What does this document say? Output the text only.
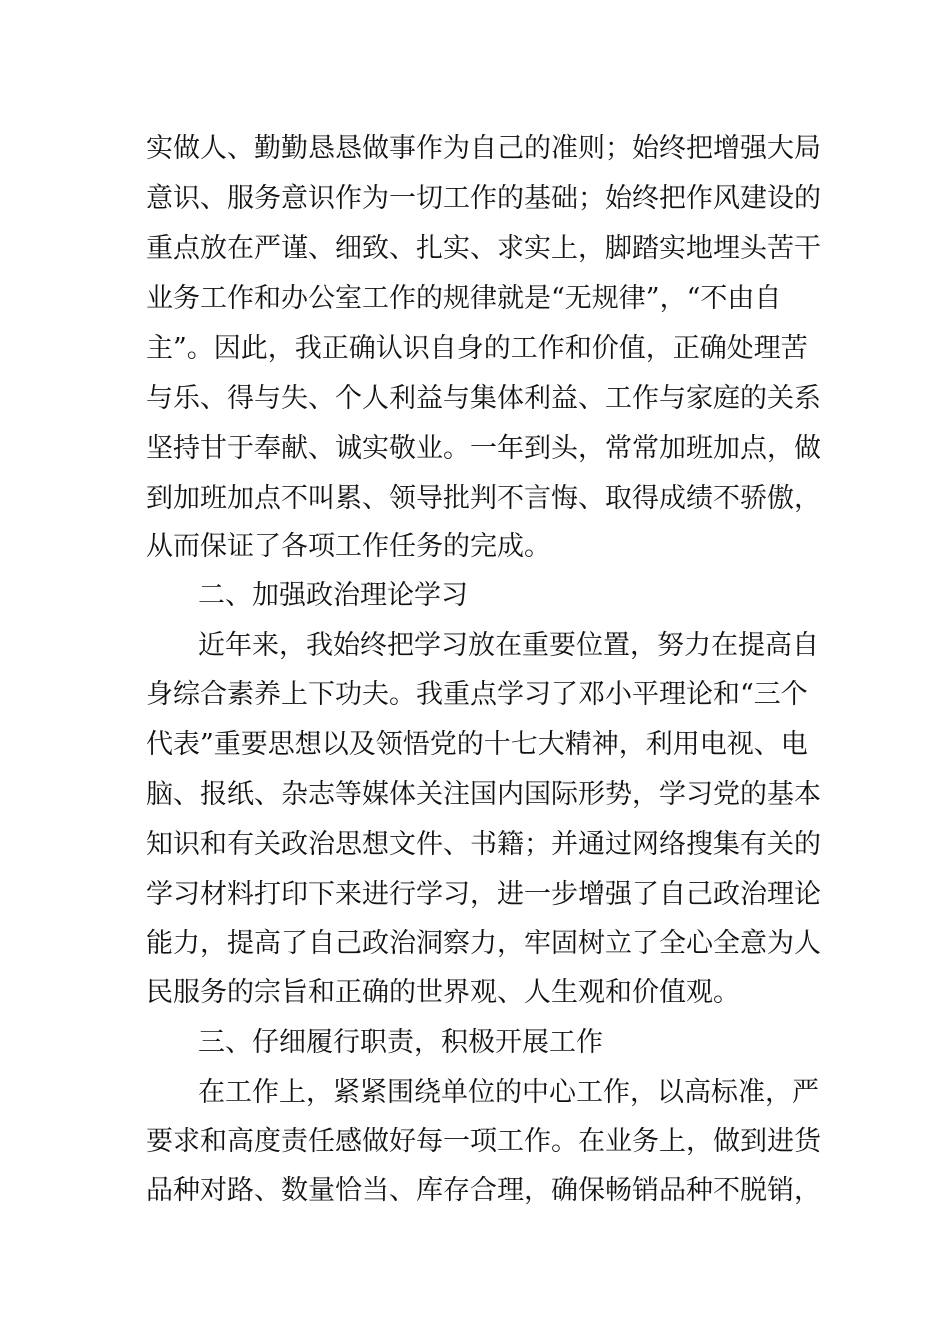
实做人、勤勤恳恳做事作为自己的准则；始终把增强大局
意识、服务意识作为一切工作的基础；始终把作风建设的
重点放在严谨、细致、扎实、求实上，脚踏实地埋头苦干
业务工作和办公室工作的规律就是“无规律”，“不由自
主”。因此，我正确认识自身的工作和价值，正确处理苦
与乐、得与失、个人利益与集体利益、工作与家庭的关系
坚持甘于奉献、诚实敬业。一年到头，常常加班加点，做
到加班加点不叫累、领导批判不言悔、取得成绩不骄傲，
从而保证了各项工作任务的完成。
二、加强政治理论学习
近年来，我始终把学习放在重要位置，努力在提高自
身综合素养上下功夫。我重点学习了邓小平理论和“三个
代表”重要思想以及领悟党的十七大精神，利用电视、电
脑、报纸、杂志等媒体关注国内国际形势，学习党的基本
知识和有关政治思想文件、书籍；并通过网络搜集有关的
学习材料打印下来进行学习，进一步增强了自己政治理论
能力，提高了自己政治洞察力，牢固树立了全心全意为人
民服务的宗旨和正确的世界观、人生观和价值观。
三、仔细履行职责，积极开展工作
在工作上，紧紧围绕单位的中心工作，以高标准，严
要求和高度责任感做好每一项工作。在业务上，做到进货
品种对路、数量恰当、库存合理，确保畅销品种不脱销，
